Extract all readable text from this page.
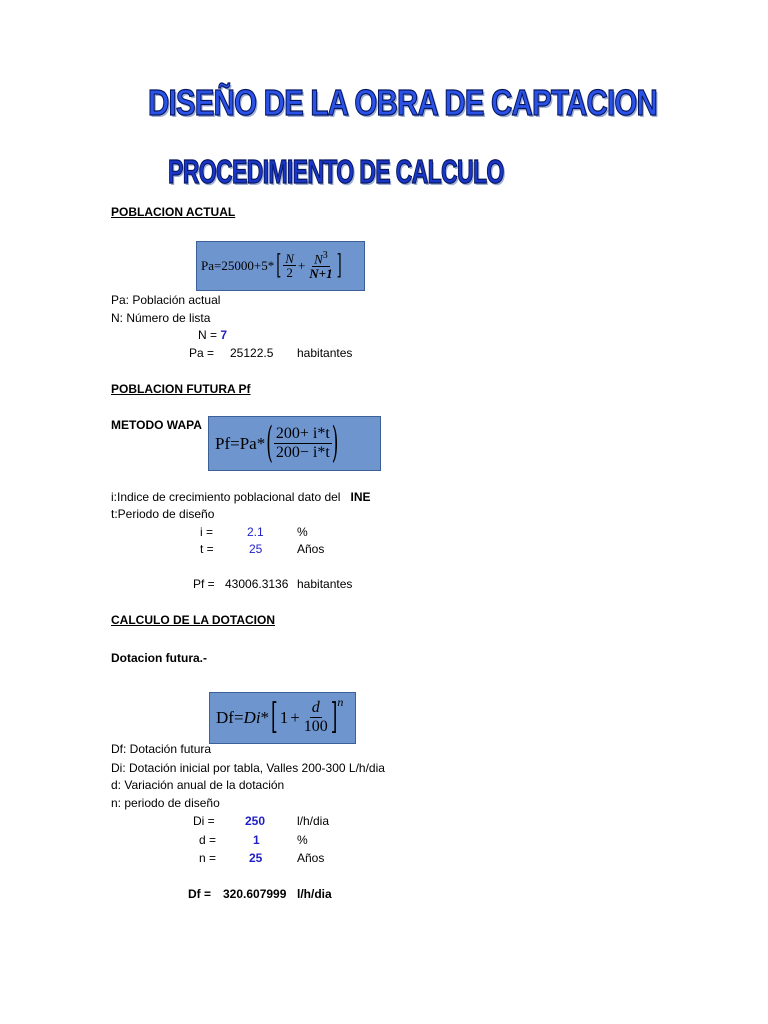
DISEÑO DE LA OBRA DE CAPTACION
PROCEDIMIENTO DE CALCULO
POBLACION ACTUAL
Pa = 25000 + 5 * [ $\frac{N}{2} + \frac{N^3}{N+1}$ ]
Pa: Población actual
N: Número de lista
N = 7
Pa = 25122.5 habitantes
POBLACION FUTURA Pf
METODO WAPA
Pf = Pa * ( $\frac{200+ i*t}{200- i*t}$ )
i:Indice de crecimiento poblacional dato del INE
t:Periodo de diseño
i =	2.1	%
t =	25	Años
Pf = 43006.3136 habitantes
CALCULO DE LA DOTACION
Dotacion futura.-
Df = Di * [ $1 + \frac{d}{100} ]^n$
Df: Dotación futura
Di: Dotación inicial por tabla, Valles 200-300 L/h/dia
d: Variación anual de la dotación
n: periodo de diseño
Di =	250	l/h/dia
d =	1	%
n =	25	Años
Df = 320.607999 l/h/dia
